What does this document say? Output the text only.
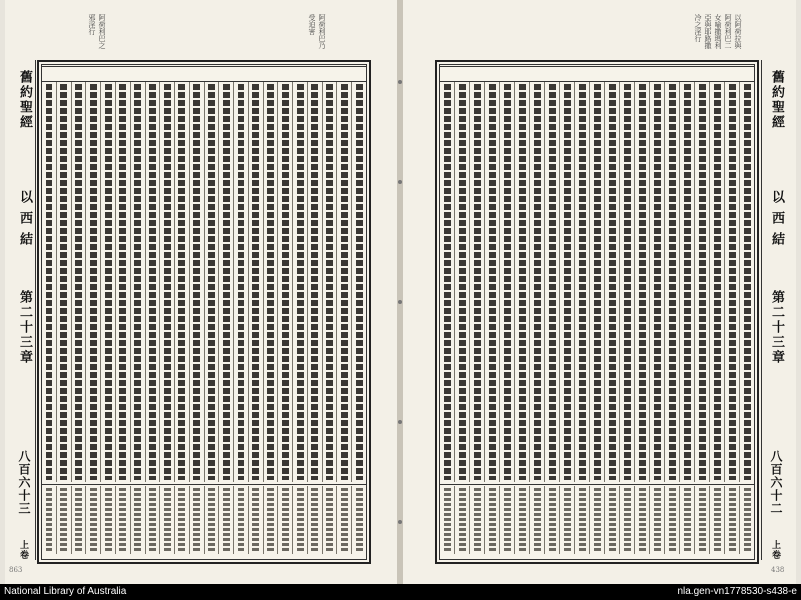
阿荷利巴乃
受迫害
阿荷利巴之
邪淫行
舊約聖經
以西結
第二十三章
八百六十三
上卷
863
以阿荷拉與
阿荷利巴二
女喻撒瑪利
亞與耶路撒
冷之淫行
舊約聖經
以西結
第二十三章
八百六十二
上卷
438
National Library of Australia	nla.gen-vn1778530-s438-e
